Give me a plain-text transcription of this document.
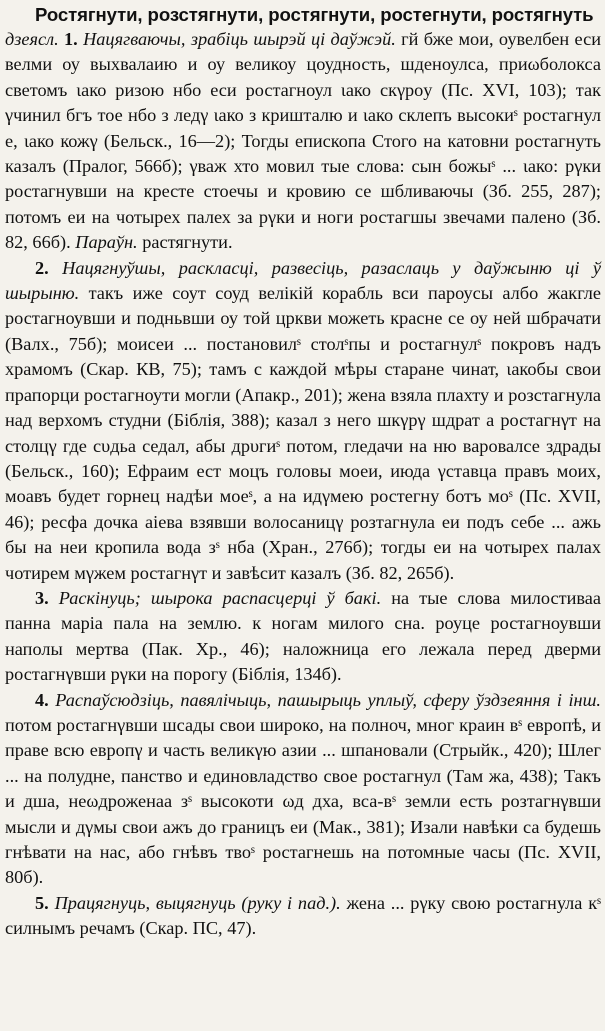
Ростягнути, розстягнути, ростягнути, ростегнути, ростягнуть

дзеясл. 1. Нацягваючы, зрабіць шырэй ці даўжэй. гй бже мои, оувелбен еси велми оу выхвалаию и оу великоу цоудность, шденоулса, приωболокса светомъ ιако ризою нбо еси ростагноул ιако скγрoу (Пс. XVI, 103); так γчинил бгъ тое нбо з ледγ ιако з кришталю и ιако склепъ высокиˢ ростагнул е, ιако кожγ (Бельск., 16—2); Тогды епископа Стого на катовни ростагнуть казалъ (Пралог, 566б); γваж хто мовил тые слова: сын божыˢ ... ιако: рγки ростагнувши на кресте стоечы и кровию се шбливаючы (Зб. 255, 287); потомъ еи на чотырех палех за рγки и ноги ростагшы звечами палено (Зб. 82, 66б). Параўн. растягнути.

2. Нацягнуўшы, раскласці, развесіць, разаслаць у даўжыню ці ў шырыню. такъ иже соут соуд велікій корабль вси пароусы албо жакгле ростагноувши и подньвши оу той цркви можеть красне се оу ней шбрачати (Валх., 75б); моисеи ... постановилˢ столˢпы и ростагнулˢ покровъ надъ храмомъ (Скар. КВ, 75); тамъ с каждой мѣры старане чинат, ιакобы свои прапорци ростагноути могли (Апакр., 201); жена взяла плахту и розстагнула над верхомъ студни (Біблія, 388); казал з него шкγрγ шдрат а ростагнγт на столцγ где сυдьа седал, абы дрυгиˢ потом, гледачи на ню варовалсе здрады (Бельск., 160); Ефраим ест моцъ головы моеи, июда γставца правъ моих, моавъ будет горнец надѣи моеˢ, а на идγмею ростегну ботъ моˢ (Пс. XVII, 46); ресфа дочка аіева взявши волосаницγ розтагнула еи подъ себе ... ажь бы на неи кропила вода зˢ нба (Хран., 276б); тогды еи на чотырех палах чотирем мγжем ростагнγт и завѣсит казалъ (Зб. 82, 265б).

3. Раскінуць; шырока распасцерці ў бакі. на тые слова милостиваа панна маріа пала на землю. к ногам милого сна. роуце ростагноувши наполы мертва (Пак. Хр., 46); наложница его лежала перед дверми ростагнγвши рγки на порогу (Біблія, 134б).

4. Распаўсюдзіць, павялічыць, пашырыць уплыў, сферу ўздзеяння і інш. потом ростагнγвши шсады свои широко, на полноч, мног краин вˢ европѣ, и праве всю европγ и часть великγю азии ... шпановали (Стрыйк., 420); Шлег ... на полудне, панство и единовладство свое ростагнул (Там жа, 438); Такъ и дша, неωдроженаа зˢ высокоти ωд дха, вса-вˢ земли есть розтагнγвши мысли и дγмы свои ажъ до границъ еи (Мак., 381); Изали навѣки са будешь гнѣвати на нас, або гнѣвъ твоˢ ростагнешь на потомные часы (Пс. XVII, 80б).

5. Працягнуць, выцягнуць (руку і пад.). жена ... рγку свою ростагнула кˢ силнымъ речамъ (Скар. ПС, 47).
